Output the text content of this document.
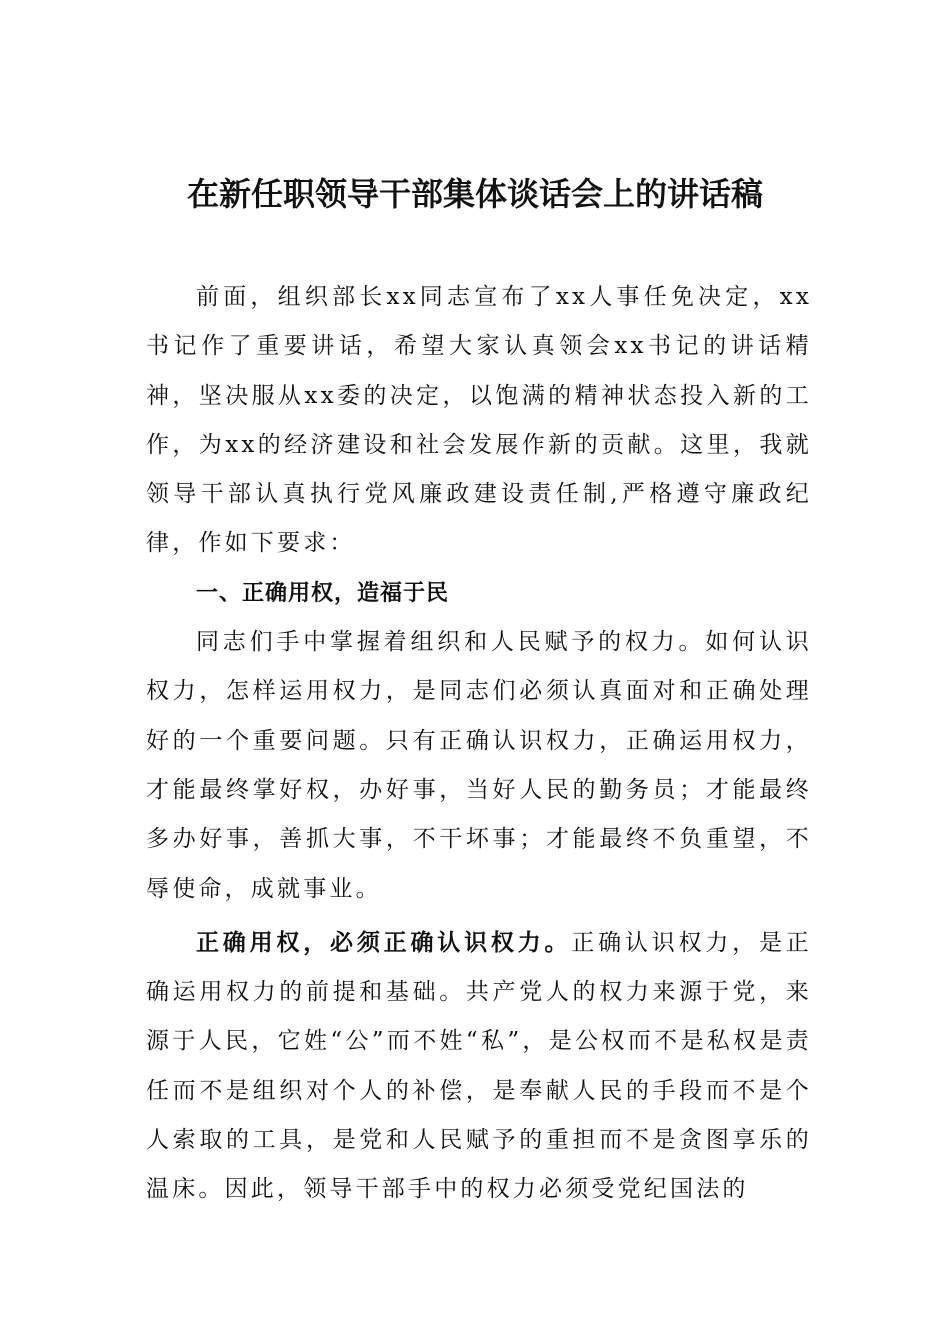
在新任职领导干部集体谈话会上的讲话稿

前面，组织部长xx同志宣布了xx人事任免决定，xx书记作了重要讲话，希望大家认真领会xx书记的讲话精神，坚决服从xx委的决定，以饱满的精神状态投入新的工作，为xx的经济建设和社会发展作新的贡献。这里，我就领导干部认真执行党风廉政建设责任制,严格遵守廉政纪律，作如下要求：

一、正确用权，造福于民

同志们手中掌握着组织和人民赋予的权力。如何认识权力，怎样运用权力，是同志们必须认真面对和正确处理好的一个重要问题。只有正确认识权力，正确运用权力，才能最终掌好权，办好事，当好人民的勤务员；才能最终多办好事，善抓大事，不干坏事；才能最终不负重望，不辱使命，成就事业。

正确用权，必须正确认识权力。正确认识权力，是正确运用权力的前提和基础。共产党人的权力来源于党，来源于人民，它姓“公”而不姓“私”，是公权而不是私权是责任而不是组织对个人的补偿，是奉献人民的手段而不是个人索取的工具，是党和人民赋予的重担而不是贪图享乐的温床。因此，领导干部手中的权力必须受党纪国法的
